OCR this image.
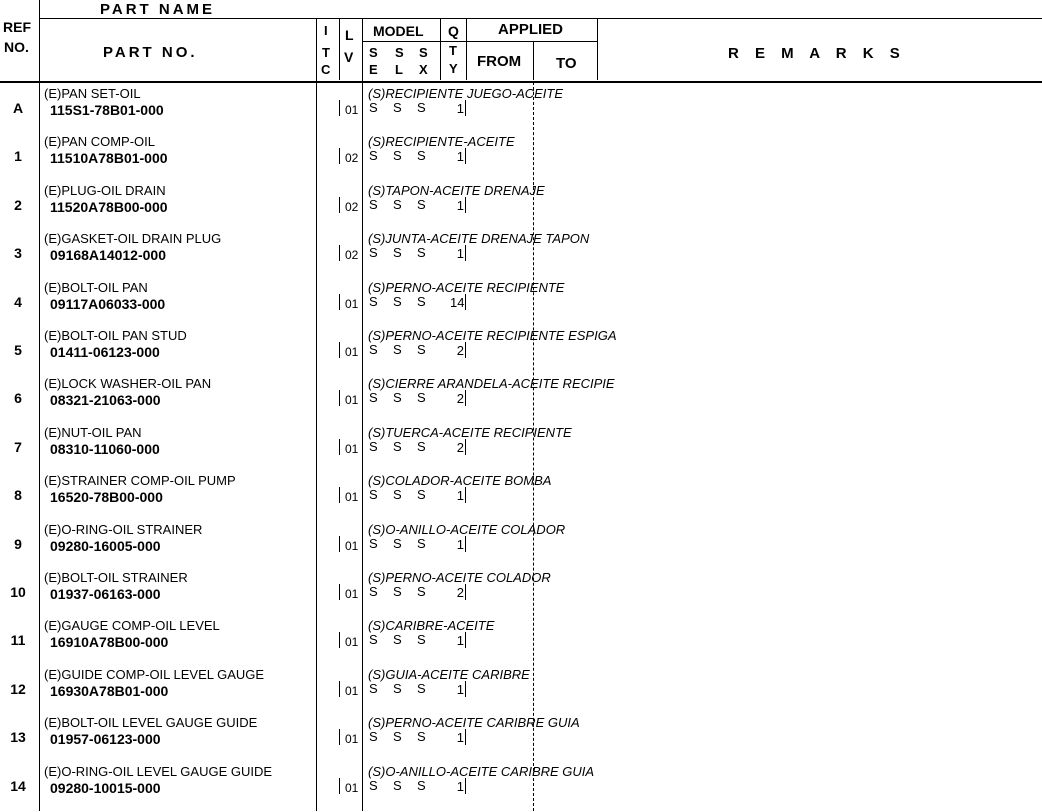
PART NAME
REF
NO.	PART NO.
I
T
C
L
V
MODEL
S S S
E L X
Q
T
Y
APPLIED
FROM TO
R E M A R K S
A
(E)PAN SET-OIL
115S1-78B01-000
(S)RECIPIENTE JUEGO-ACEITE
01 S S S	1
1
(E)PAN COMP-OIL
11510A78B01-000
(S)RECIPIENTE-ACEITE
02 S S S	1
2
(E)PLUG-OIL DRAIN
11520A78B00-000
(S)TAPON-ACEITE DRENAJE
02 S S S	1
3
(E)GASKET-OIL DRAIN PLUG
09168A14012-000
(S)JUNTA-ACEITE DRENAJE TAPON
02 S S S	1
4
(E)BOLT-OIL PAN
09117A06033-000
(S)PERNO-ACEITE RECIPIENTE
01 S S S 14
5
(E)BOLT-OIL PAN STUD
01411-06123-000
(S)PERNO-ACEITE RECIPIENTE ESPIGA
01 S S S	2
6
(E)LOCK WASHER-OIL PAN
08321-21063-000
(S)CIERRE ARANDELA-ACEITE RECIPIE
01 S S S	2
7
(E)NUT-OIL PAN
08310-11060-000
(S)TUERCA-ACEITE RECIPIENTE
01 S S S	2
8
(E)STRAINER COMP-OIL PUMP
16520-78B00-000
(S)COLADOR-ACEITE BOMBA
01 S S S	1
9
(E)O-RING-OIL STRAINER
09280-16005-000
(S)O-ANILLO-ACEITE COLADOR
01 S S S	1
10
(E)BOLT-OIL STRAINER
01937-06163-000
(S)PERNO-ACEITE COLADOR
01 S S S	2
11
(E)GAUGE COMP-OIL LEVEL
16910A78B00-000
(S)CARIBRE-ACEITE
01 S S S	1
12
(E)GUIDE COMP-OIL LEVEL GAUGE
16930A78B01-000
(S)GUIA-ACEITE CARIBRE
01 S S S	1
13
(E)BOLT-OIL LEVEL GAUGE GUIDE
01957-06123-000
(S)PERNO-ACEITE CARIBRE GUIA
01 S S S	1
14
(E)O-RING-OIL LEVEL GAUGE GUIDE
09280-10015-000
(S)O-ANILLO-ACEITE CARIBRE GUIA
01 S S S	1
